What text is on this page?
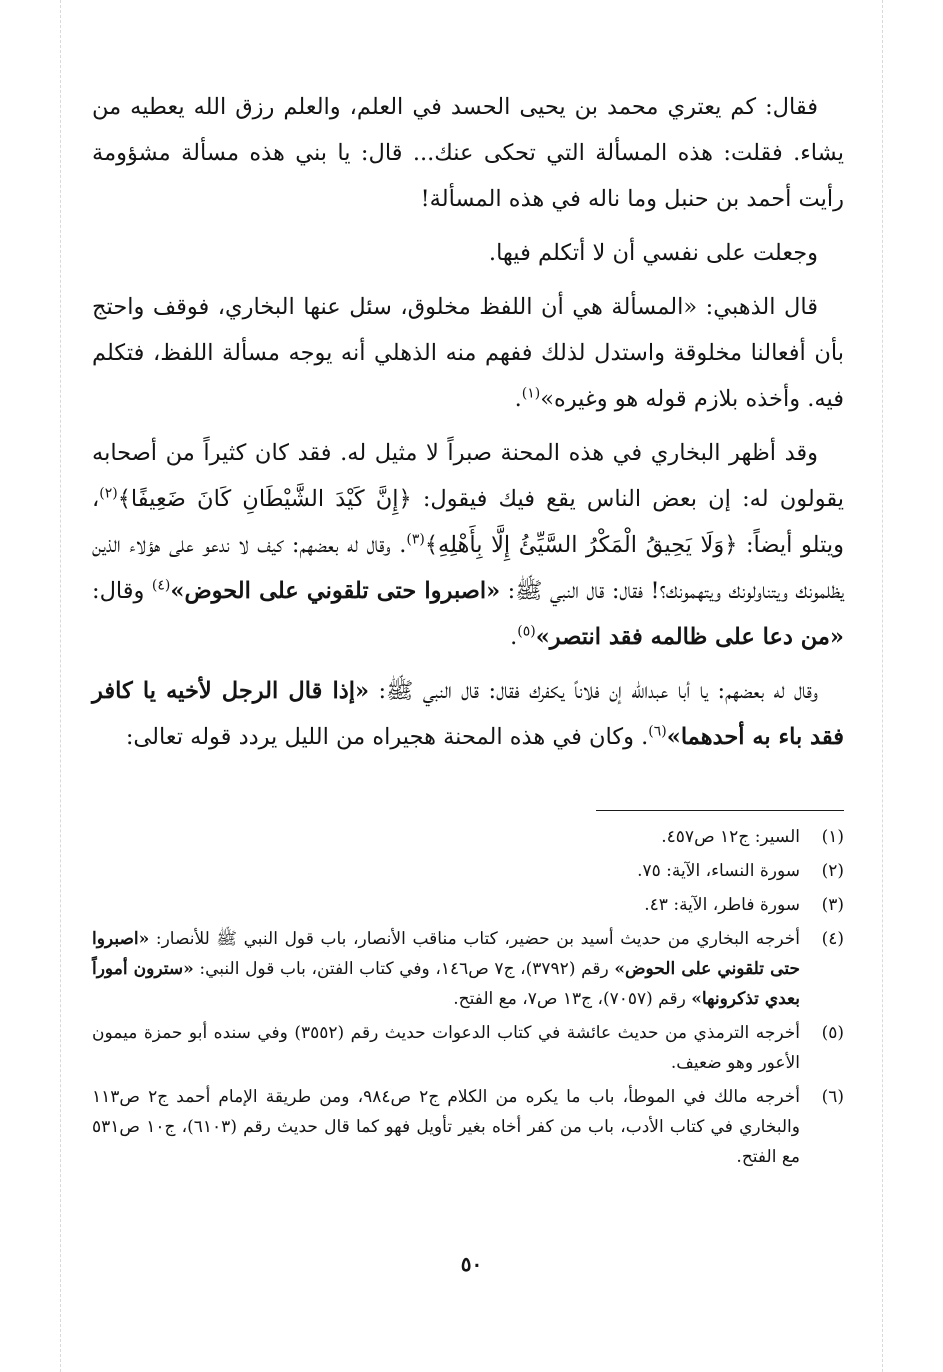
فقال: كم يعتري محمد بن يحيى الحسد في العلم، والعلم رزق الله يعطيه من يشاء. فقلت: هذه المسألة التي تحكى عنك... قال: يا بني هذه مسألة مشؤومة رأيت أحمد بن حنبل وما ناله في هذه المسألة!

وجعلت على نفسي أن لا أتكلم فيها.

قال الذهبي: «المسألة هي أن اللفظ مخلوق، سئل عنها البخاري، فوقف واحتج بأن أفعالنا مخلوقة واستدل لذلك ففهم منه الذهلي أنه يوجه مسألة اللفظ، فتكلم فيه. وأخذه بلازم قوله هو وغيره»$^{(١)}$.

وقد أظهر البخاري في هذه المحنة صبراً لا مثيل له. فقد كان كثيراً من أصحابه يقولون له: إن بعض الناس يقع فيك فيقول: ﴿إِنَّ كَيْدَ الشَّيْطَانِ كَانَ ضَعِيفًا﴾$^{(٢)}$، ويتلو أيضاً: ﴿وَلَا يَحِيقُ الْمَكْرُ السَّيِّئُ إِلَّا بِأَهْلِهِ﴾$^{(٣)}$. وقال له بعضهم: كيف لا ندعو على هؤلاء الذين يظلمونك ويتناولونك ويتهمونك؟! فقال: قال النبي ﷺ: «اصبروا حتى تلقوني على الحوض»$^{(٤)}$ وقال: «من دعا على ظالمه فقد انتصر»$^{(٥)}$.

وقال له بعضهم: يا أبا عبدالله إن فلاناً يكفرك فقال: قال النبي ﷺ: «إذا قال الرجل لأخيه يا كافر فقد باء به أحدهما»$^{(٦)}$. وكان في هذه المحنة هجيراه من الليل يردد قوله تعالى:

(١)
السير: ج١٢ ص٤٥٧.
(٢)
سورة النساء، الآية: ٧٥.
(٣)
سورة فاطر، الآية: ٤٣.
(٤)
أخرجه البخاري من حديث أسيد بن حضير، كتاب مناقب الأنصار، باب قول النبي ﷺ للأنصار: «اصبروا حتى تلقوني على الحوض» رقم (٣٧٩٢)، ج٧ ص١٤٦، وفي كتاب الفتن، باب قول النبي: «سترون أموراً بعدي تذكرونها» رقم (٧٠٥٧)، ج١٣ ص٧، مع الفتح.
(٥)
أخرجه الترمذي من حديث عائشة في كتاب الدعوات حديث رقم (٣٥٥٢) وفي سنده أبو حمزة ميمون الأعور وهو ضعيف.
(٦)
أخرجه مالك في الموطأ، باب ما يكره من الكلام ج٢ ص٩٨٤، ومن طريقة الإمام أحمد ج٢ ص١١٣ والبخاري في كتاب الأدب، باب من كفر أخاه بغير تأويل فهو كما قال حديث رقم (٦١٠٣)، ج١٠ ص٥٣١ مع الفتح.
٥٠
